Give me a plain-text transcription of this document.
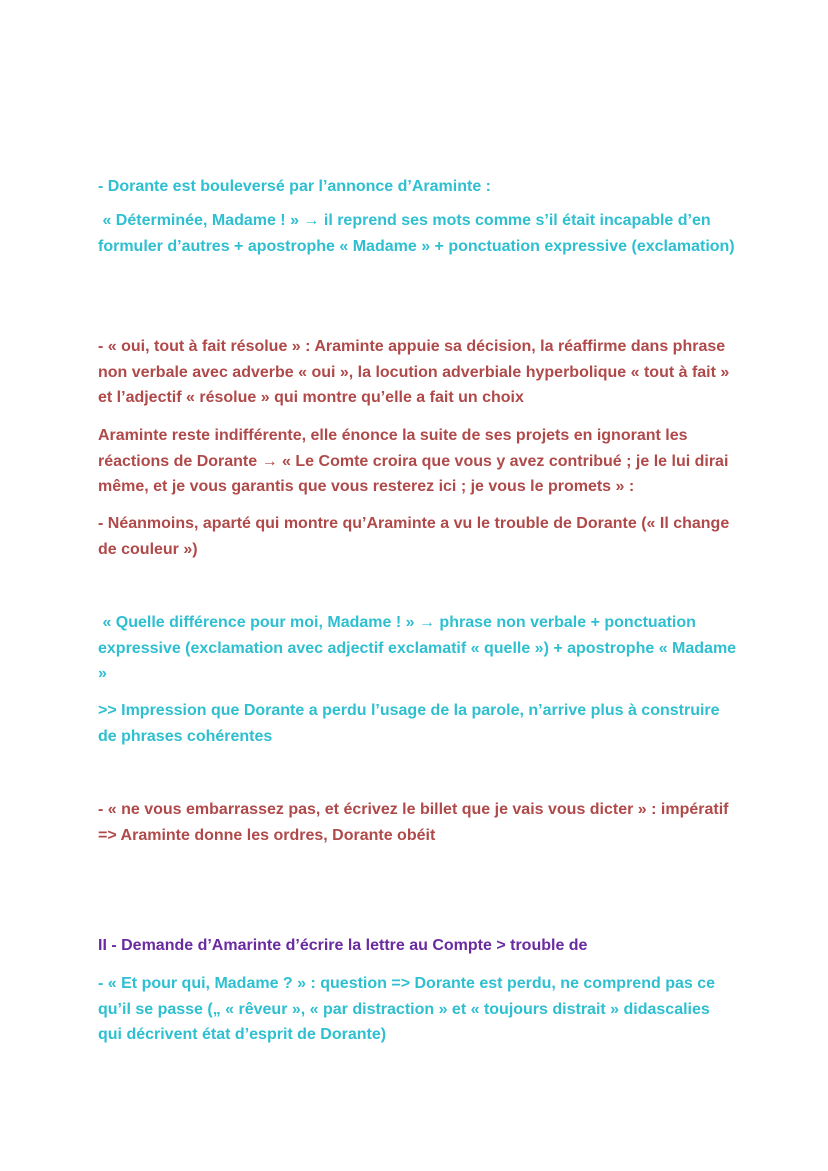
- Dorante est bouleversé par l’annonce d’Araminte :

« Déterminée, Madame ! » → il reprend ses mots comme s’il était incapable d’en formuler d’autres + apostrophe « Madame » + ponctuation expressive (exclamation)

- « oui, tout à fait résolue » : Araminte appuie sa décision, la réaffirme dans phrase non verbale avec adverbe « oui », la locution adverbiale hyperbolique « tout à fait » et l’adjectif « résolue » qui montre qu’elle a fait un choix

Araminte reste indifférente, elle énonce la suite de ses projets en ignorant les réactions de Dorante → « Le Comte croira que vous y avez contribué ; je le lui dirai même, et je vous garantis que vous resterez ici ; je vous le promets » :

- Néanmoins, aparté qui montre qu’Araminte a vu le trouble de Dorante (« Il change de couleur »)

« Quelle différence pour moi, Madame ! » → phrase non verbale + ponctuation expressive (exclamation avec adjectif exclamatif « quelle ») + apostrophe « Madame »

>> Impression que Dorante a perdu l’usage de la parole, n’arrive plus à construire de phrases cohérentes

- « ne vous embarrassez pas, et écrivez le billet que je vais vous dicter » : impératif => Araminte donne les ordres, Dorante obéit

II - Demande d’Amarinte d’écrire la lettre au Compte > trouble de

- « Et pour qui, Madame ? » : question => Dorante est perdu, ne comprend pas ce qu’il se passe („ « rêveur », « par distraction » et « toujours distrait » didascalies qui décrivent état d’esprit de Dorante)
